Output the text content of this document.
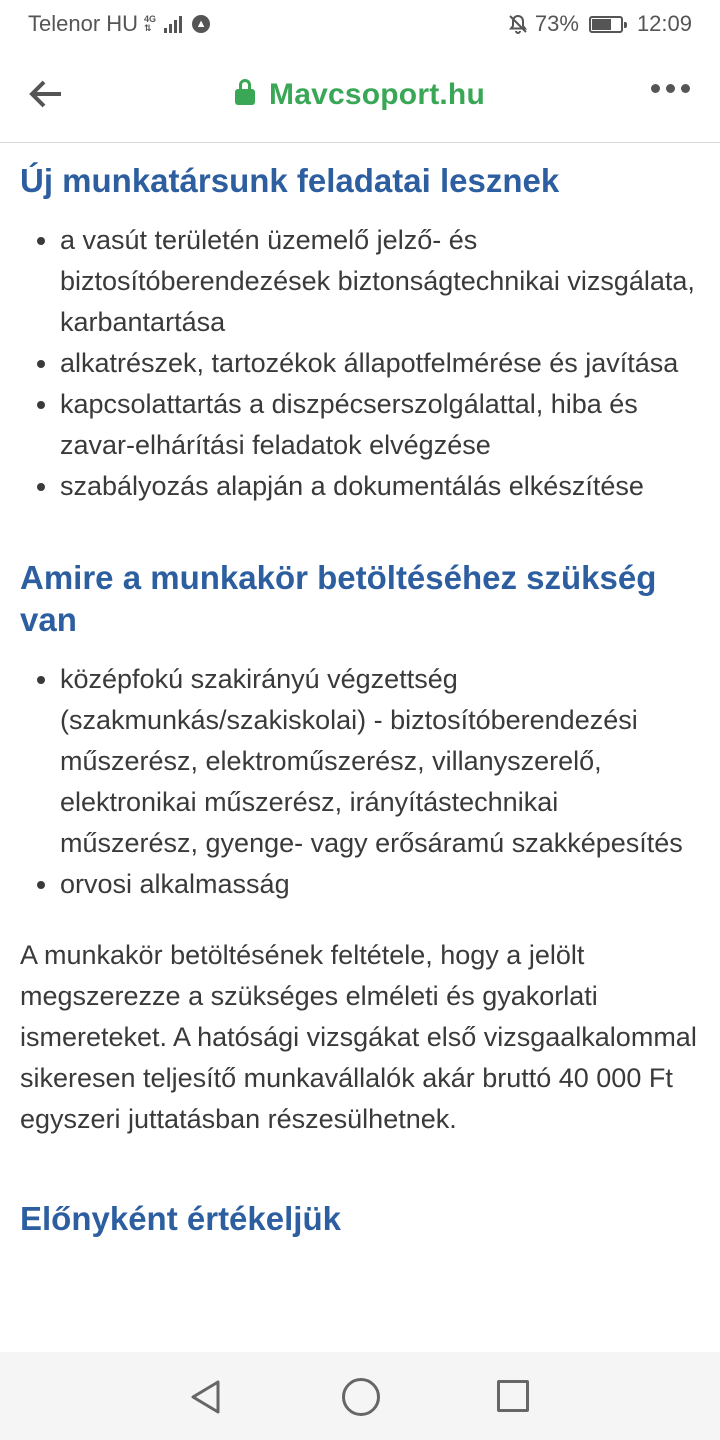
Telenor HU 4G
⇅	▲	73%	12:09
Mavcsoport.hu
Új munkatársunk feladatai lesznek
• a vasút területén üzemelő jelző- és biztosítóberendezések biztonságtechnikai vizsgálata, karbantartása
• alkatrészek, tartozékok állapotfelmérése és javítása
• kapcsolattartás a diszpécserszolgálattal, hiba és zavar-elhárítási feladatok elvégzése
• szabályozás alapján a dokumentálás elkészítése
Amire a munkakör betöltéséhez szükség van
• középfokú szakirányú végzettség (szakmunkás/szakiskolai) - biztosítóberendezési műszerész, elektroműszerész, villanyszerelő, elektronikai műszerész, irányítástechnikai műszerész, gyenge- vagy erősáramú szakképesítés
• orvosi alkalmasság

A munkakör betöltésének feltétele, hogy a jelölt megszerezze a szükséges elméleti és gyakorlati ismereteket. A hatósági vizsgákat első vizsgaalkalommal sikeresen teljesítő munkavállalók akár bruttó 40 000 Ft egyszeri juttatásban részesülhetnek.

Előnyként értékeljük
